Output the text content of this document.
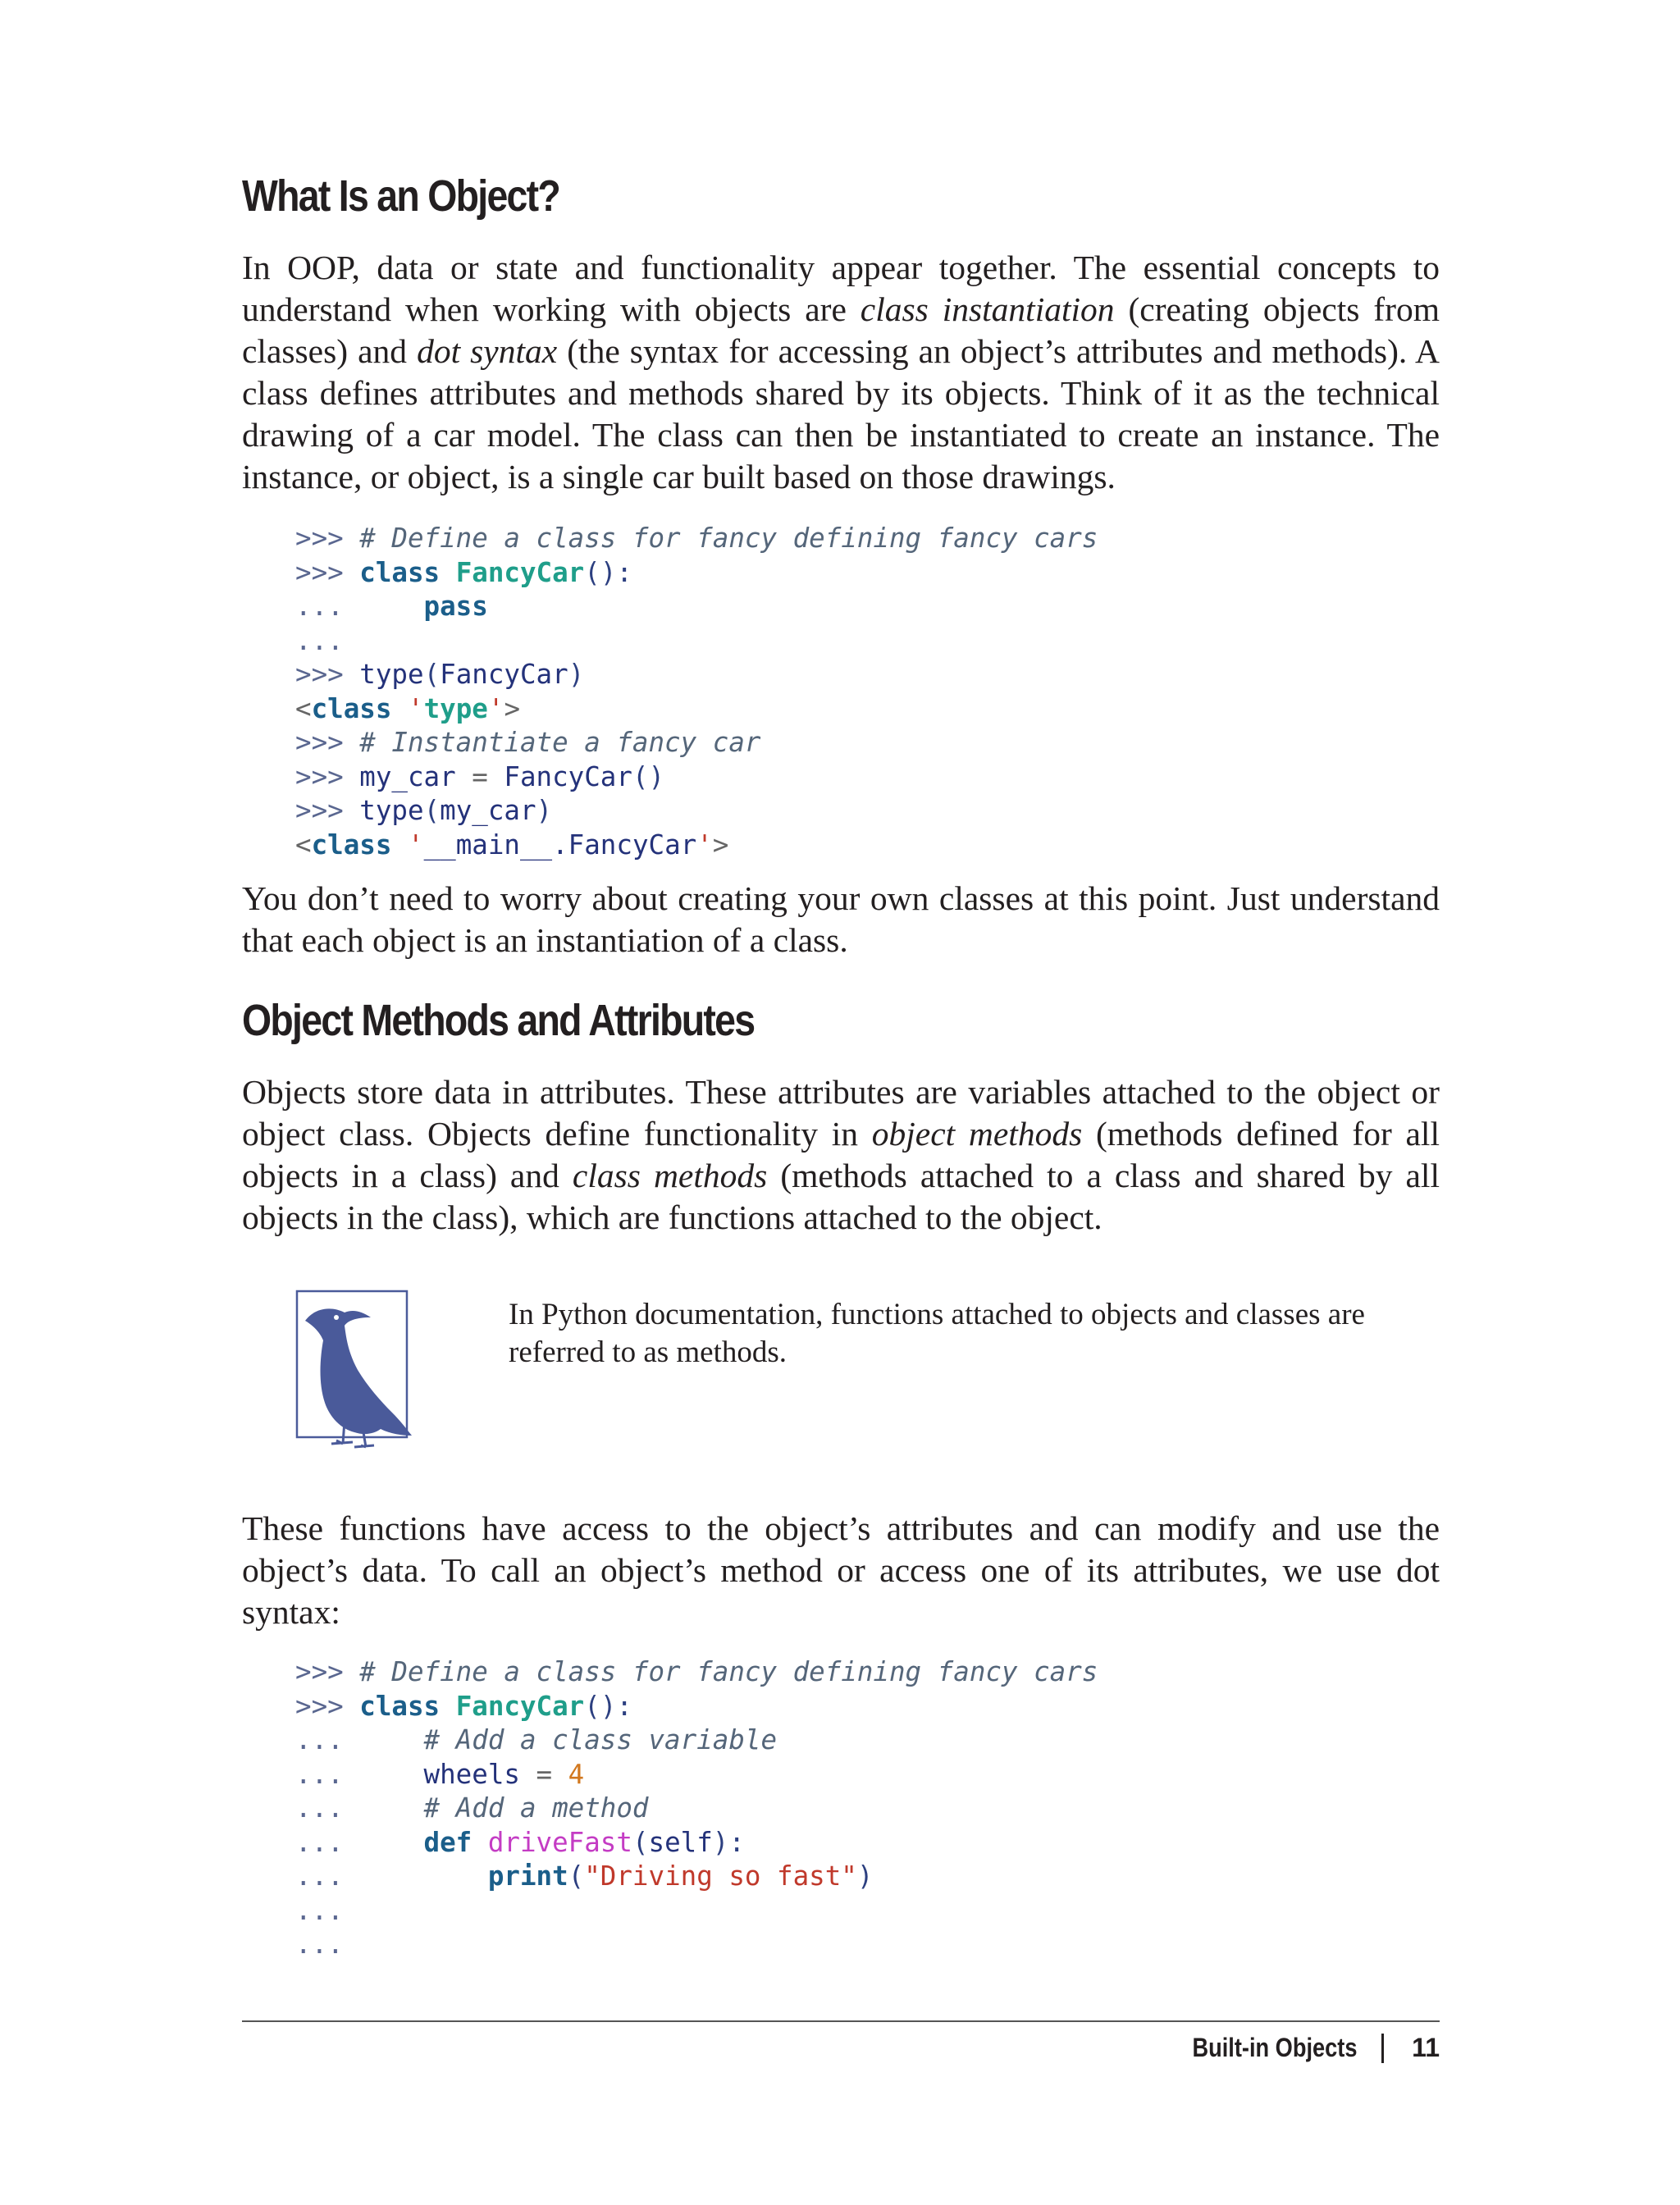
What Is an Object?

In OOP, data or state and functionality appear together. The essential concepts to understand when working with objects are class instantiation (creating objects from classes) and dot syntax (the syntax for accessing an object’s attributes and methods). A class defines attributes and methods shared by its objects. Think of it as the technical drawing of a car model. The class can then be instantiated to create an instance. The instance, or object, is a single car built based on those drawings.

>>> # Define a class for fancy defining fancy cars
>>> class FancyCar():
...     pass
...
>>> type(FancyCar)
<class 'type'>
>>> # Instantiate a fancy car
>>> my_car = FancyCar()
>>> type(my_car)
<class '__main__.FancyCar'>

You don’t need to worry about creating your own classes at this point. Just understand that each object is an instantiation of a class.

Object Methods and Attributes

Objects store data in attributes. These attributes are variables attached to the object or object class. Objects define functionality in object methods (methods defined for all objects in a class) and class methods (methods attached to a class and shared by all objects in the class), which are functions attached to the object.

In Python documentation, functions attached to objects and classes are referred to as methods.

These functions have access to the object’s attributes and can modify and use the object’s data. To call an object’s method or access one of its attributes, we use dot syntax:

>>> # Define a class for fancy defining fancy cars
>>> class FancyCar():
...     # Add a class variable
...     wheels = 4
...     # Add a method
...     def driveFast(self):
...         print("Driving so fast")
...
...
Built-in Objects 11
